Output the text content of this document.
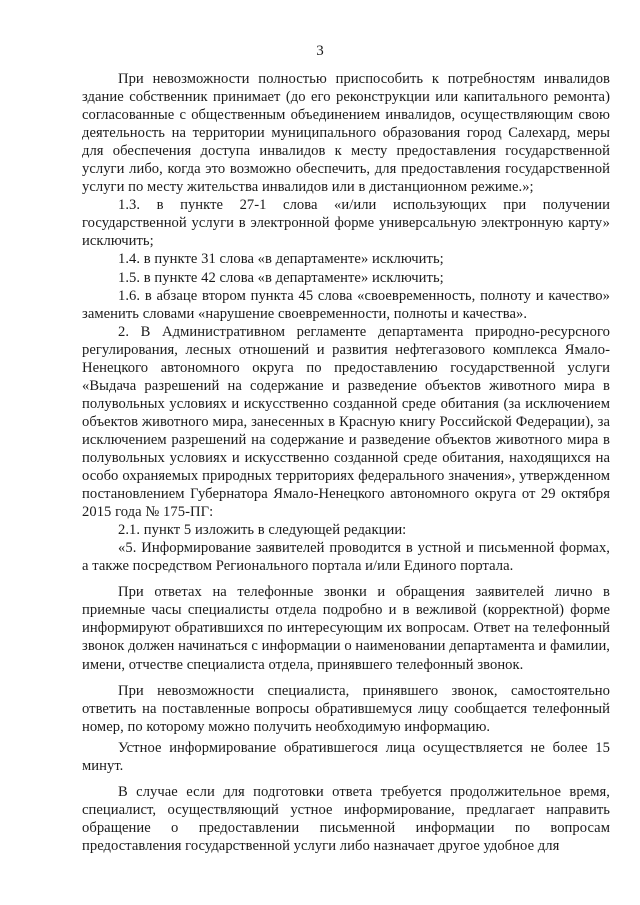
3

При невозможности полностью приспособить к потребностям инвалидов здание собственник принимает (до его реконструкции или капитального ремонта) согласованные с общественным объединением инвалидов, осуществляющим свою деятельность на территории муниципального образования город Салехард, меры для обеспечения доступа инвалидов к месту предоставления государственной услуги либо, когда это возможно обеспечить, для предоставления государственной услуги по месту жительства инвалидов или в дистанционном режиме.»;

1.3. в пункте 27-1 слова «и/или использующих при получении государственной услуги в электронной форме универсальную электронную карту» исключить;

1.4. в пункте 31 слова «в департаменте» исключить;

1.5. в пункте 42 слова «в департаменте» исключить;

1.6. в абзаце втором пункта 45 слова «своевременность, полноту и качество» заменить словами «нарушение своевременности, полноты и качества».

2. В Административном регламенте департамента природно-ресурсного регулирования, лесных отношений и развития нефтегазового комплекса Ямало-Ненецкого автономного округа по предоставлению государственной услуги «Выдача разрешений на содержание и разведение объектов животного мира в полувольных условиях и искусственно созданной среде обитания (за исключением объектов животного мира, занесенных в Красную книгу Российской Федерации), за исключением разрешений на содержание и разведение объектов животного мира в полувольных условиях и искусственно созданной среде обитания, находящихся на особо охраняемых природных территориях федерального значения», утвержденном постановлением Губернатора Ямало-Ненецкого автономного округа от 29 октября 2015 года № 175-ПГ:

2.1. пункт 5 изложить в следующей редакции:

«5. Информирование заявителей проводится в устной и письменной формах, а также посредством Регионального портала и/или Единого портала.

При ответах на телефонные звонки и обращения заявителей лично в приемные часы специалисты отдела подробно и в вежливой (корректной) форме информируют обратившихся по интересующим их вопросам. Ответ на телефонный звонок должен начинаться с информации о наименовании департамента и фамилии, имени, отчестве специалиста отдела, принявшего телефонный звонок.

При невозможности специалиста, принявшего звонок, самостоятельно ответить на поставленные вопросы обратившемуся лицу сообщается телефонный номер, по которому можно получить необходимую информацию.

Устное информирование обратившегося лица осуществляется не более 15 минут.

В случае если для подготовки ответа требуется продолжительное время, специалист, осуществляющий устное информирование, предлагает направить обращение о предоставлении письменной информации по вопросам предоставления государственной услуги либо назначает другое удобное для
